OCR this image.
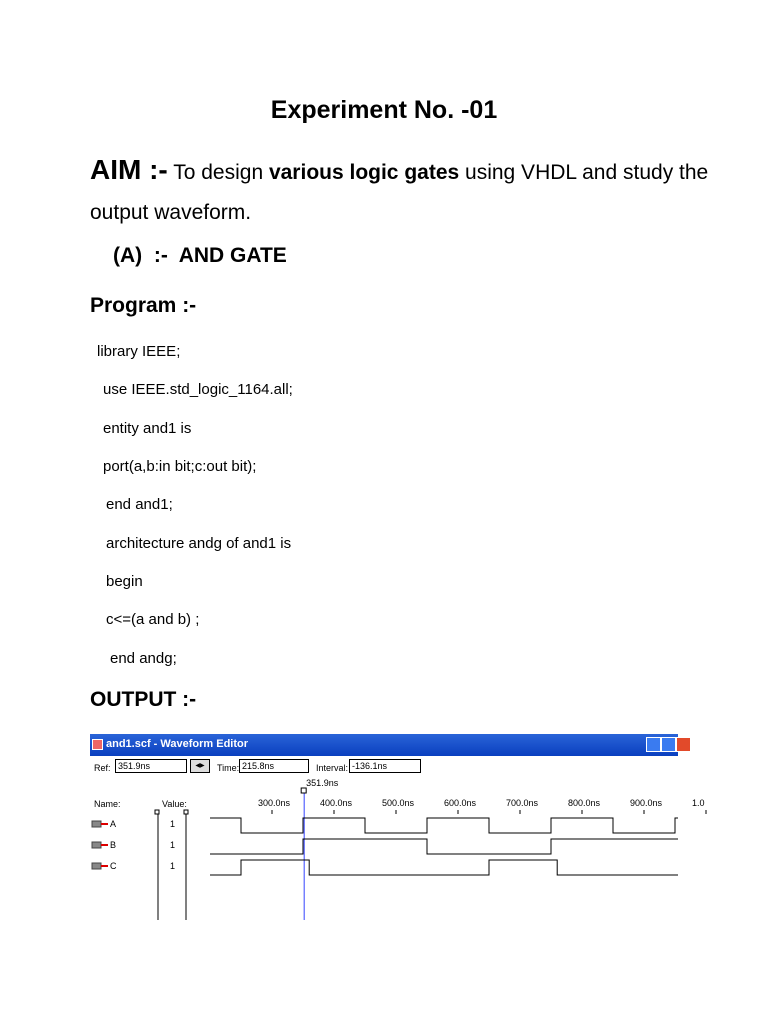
Experiment No. -01
AIM :- To design various logic gates using VHDL and study the output waveform.
(A)  :-  AND GATE
Program :-
library IEEE;
use IEEE.std_logic_1164.all;
entity and1 is
port(a,b:in bit;c:out bit);
end and1;
architecture andg of and1 is
begin
c<=(a and b) ;
end andg;
OUTPUT :-
and1.scf - Waveform Editor
Ref: 351.9ns	◀▶	Time: 215.8ns	Interval: -136.1ns
Name:	Value:	300.0ns	400.0ns	500.0ns	600.0ns	700.0ns	800.0ns	900.0ns	1.0
351.9ns
A	1
B	1
C	1
